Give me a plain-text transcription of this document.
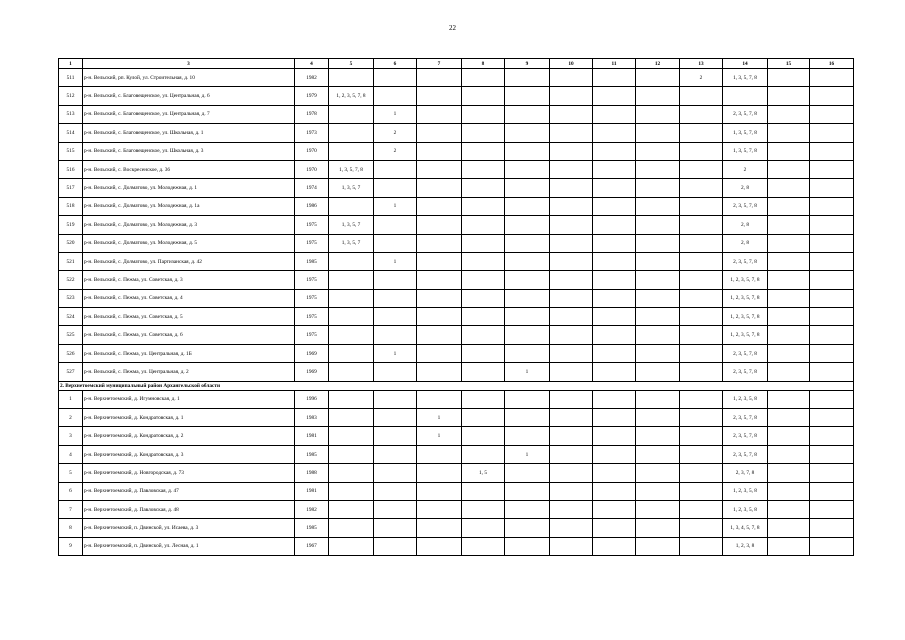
22
1	3	4	5	6	7	8	9	10	11	12	13	14	15	16
511	р-н. Вельский, рп. Кулой, ул. Строительная, д. 10	1982									2	1, 3, 5, 7, 8		
512	р-н. Вельский, с. Благовещенское, ул. Центральная, д. 6	1979	1, 2, 3, 5, 7, 8											
513	р-н. Вельский, с. Благовещенское, ул. Центральная, д. 7	1978		1								2, 3, 5, 7, 8		
514	р-н. Вельский, с. Благовещенское, ул. Школьная, д. 1	1973		2								1, 3, 5, 7, 8		
515	р-н. Вельский, с. Благовещенское, ул. Школьная, д. 3	1970		2								1, 3, 5, 7, 8		
516	р-н. Вельский, с. Воскресенское, д. 36	1970	1, 3, 5, 7, 8									2		
517	р-н. Вельский, с. Долматово, ул. Молодежная, д. 1	1974	1, 3, 5, 7									2, 8		
518	р-н. Вельский, с. Долматово, ул. Молодежная, д. 1а	1986		1								2, 3, 5, 7, 8		
519	р-н. Вельский, с. Долматово, ул. Молодежная, д. 3	1975	1, 3, 5, 7									2, 8		
520	р-н. Вельский, с. Долматово, ул. Молодежная, д. 5	1975	1, 3, 5, 7									2, 8		
521	р-н. Вельский, с. Долматово, ул. Партизанская, д. 42	1985		1								2, 3, 5, 7, 8		
522	р-н. Вельский, с. Пежма, ул. Советская, д. 3	1975										1, 2, 3, 5, 7, 8		
523	р-н. Вельский, с. Пежма, ул. Советская, д. 4	1975										1, 2, 3, 5, 7, 8		
524	р-н. Вельский, с. Пежма, ул. Советская, д. 5	1975										1, 2, 3, 5, 7, 8		
525	р-н. Вельский, с. Пежма, ул. Советская, д. 6	1975										1, 2, 3, 5, 7, 8		
526	р-н. Вельский, с. Пежма, ул. Центральная, д. 1Б	1969		1								2, 3, 5, 7, 8		
527	р-н. Вельский, с. Пежма, ул. Центральная, д. 2	1969					1					2, 3, 5, 7, 8		
2. Верхнетоемский муниципальный район Архангельской области														
1	р-н. Верхнетоемский, д. Игумновская, д. 1	1996										1, 2, 3, 5, 8		
2	р-н. Верхнетоемский, д. Кондратовская, д. 1	1983			1							2, 3, 5, 7, 8		
3	р-н. Верхнетоемский, д. Кондратовская, д. 2	1981			1							2, 3, 5, 7, 8		
4	р-н. Верхнетоемский, д. Кондратовская, д. 3	1985					1					2, 3, 5, 7, 8		
5	р-н. Верхнетоемский, д. Новгородская, д. 73	1988				1, 5						2, 3, 7, 8		
6	р-н. Верхнетоемский, д. Павловская, д. 47	1981										1, 2, 3, 5, 8		
7	р-н. Верхнетоемский, д. Павловская, д. 48	1982										1, 2, 3, 5, 8		
8	р-н. Верхнетоемский, п. Двинской, ул. Исаева, д. 3	1985										1, 3, 4, 5, 7, 8		
9	р-н. Верхнетоемский, п. Двинской, ул. Лесная, д. 1	1967										1, 2, 3, 8		
